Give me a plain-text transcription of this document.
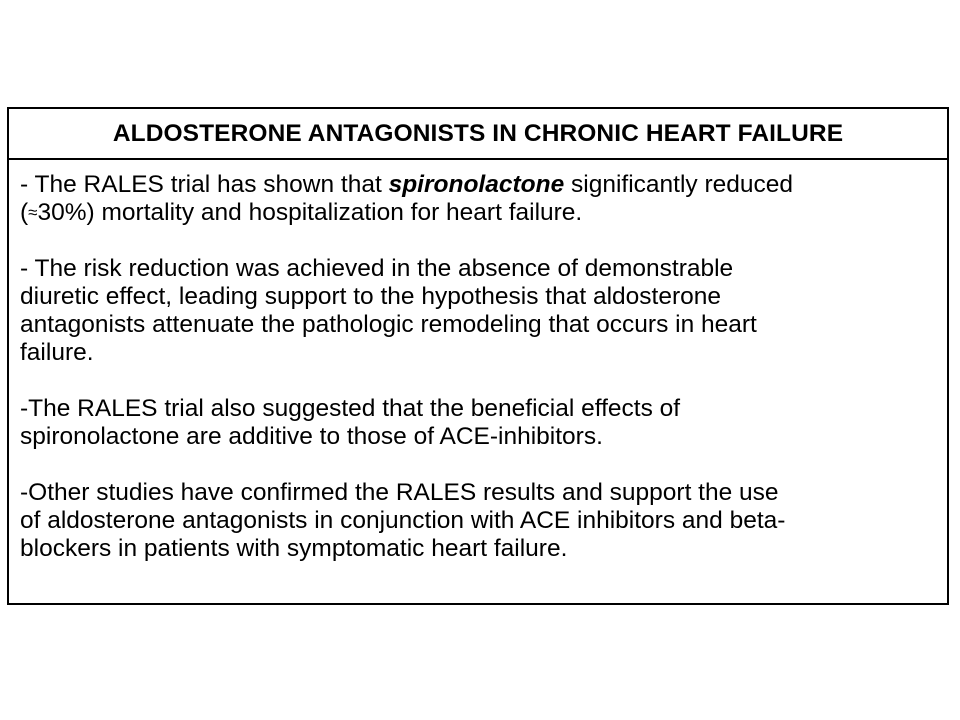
ALDOSTERONE ANTAGONISTS IN CHRONIC HEART FAILURE

- The RALES trial has shown that spironolactone significantly reduced
(≈30%) mortality and hospitalization for heart failure.

- The risk reduction was achieved in the absence of demonstrable
diuretic effect, leading support to the hypothesis that aldosterone
antagonists attenuate the pathologic remodeling that occurs in heart
failure.

-The RALES trial also suggested that the beneficial effects of
spironolactone are additive to those of ACE-inhibitors.

-Other studies have confirmed the RALES results and support the use
of aldosterone antagonists in conjunction with ACE inhibitors and beta-
blockers in patients with symptomatic heart failure.
